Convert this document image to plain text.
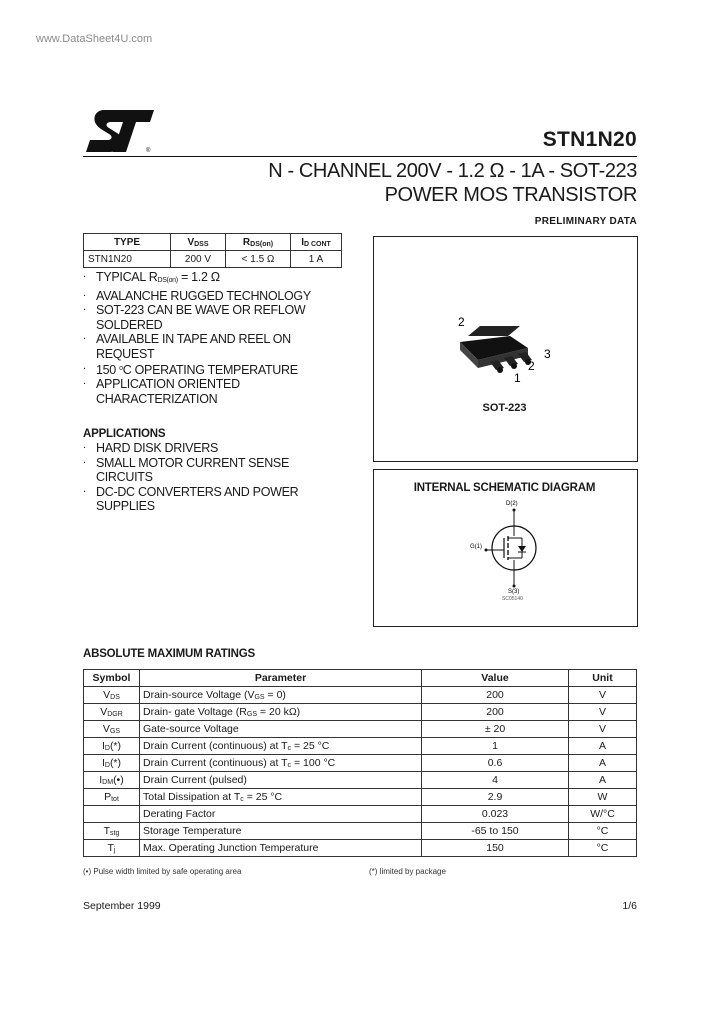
www.DataSheet4U.com
®	STN1N20
N - CHANNEL 200V - 1.2 Ω - 1A - SOT-223
POWER MOS TRANSISTOR
PRELIMINARY DATA
TYPE	VDSS	RDS(on)	ID CONT
STN1N20	200 V	< 1.5 Ω	1 A
. TYPICAL RDS(on) = 1.2 Ω
. AVALANCHE RUGGED TECHNOLOGY
. SOT-223 CAN BE WAVE OR REFLOW
SOLDERED
. AVAILABLE IN TAPE AND REEL ON
REQUEST
. 150 $^o$C OPERATING TEMPERATURE
. APPLICATION ORIENTED
CHARACTERIZATION
APPLICATIONS
. HARD DISK DRIVERS
. SMALL MOTOR CURRENT SENSE
CIRCUITS
. DC-DC CONVERTERS AND POWER
SUPPLIES
2
2
3
1
SOT-223
INTERNAL SCHEMATIC DIAGRAM
D(2)
G(1)
S(3)
SC05140
ABSOLUTE MAXIMUM RATINGS
Symbol	Parameter	Value	Unit
VDS	Drain-source Voltage (VGS = 0)	200	V
VDGR	Drain- gate Voltage (RGS = 20 kΩ)	200	V
VGS	Gate-source Voltage	± 20	V
ID(*)	Drain Current (continuous) at Tc = 25 °C	1	A
ID(*)	Drain Current (continuous) at Tc = 100 °C	0.6	A
IDM(•)	Drain Current (pulsed)	4	A
Ptot	Total Dissipation at Tc = 25 °C	2.9	W
	Derating Factor	0.023	W/°C
Tstg	Storage Temperature	-65 to 150	°C
Tj	Max. Operating Junction Temperature	150	°C
(•) Pulse width limited by safe operating area	(*) limited by package
September 1999	1/6
